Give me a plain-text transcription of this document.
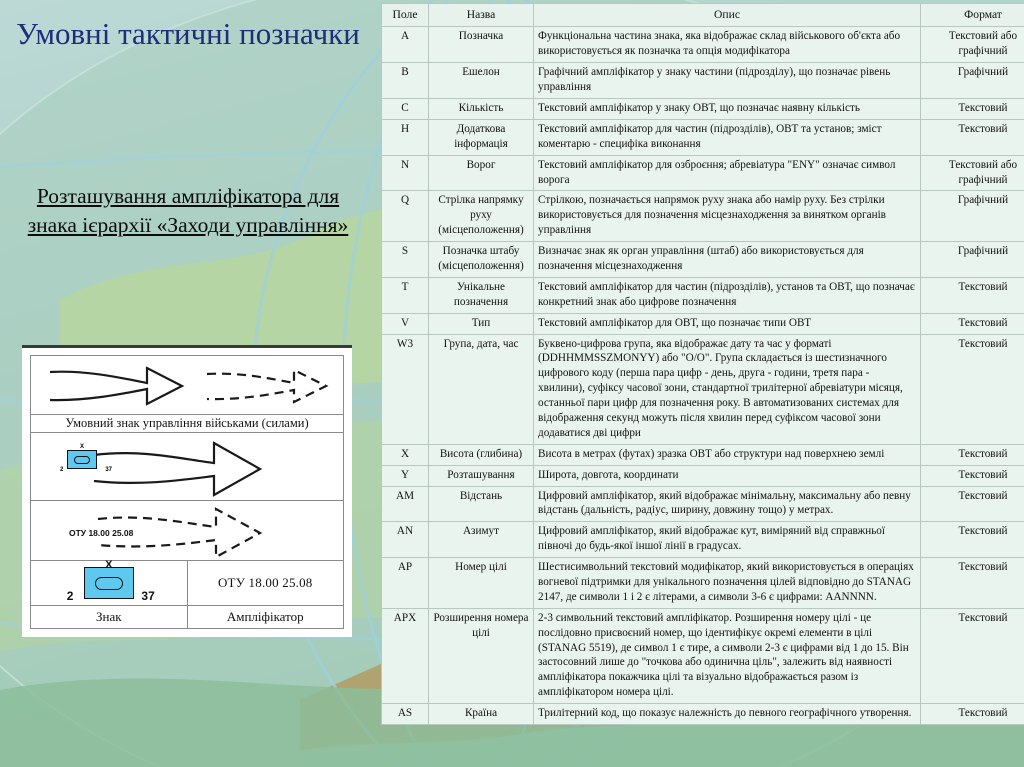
Умовні тактичні позначки
Розташування ампліфікатора для знака ієрархії «Заходи управління»
Умовний знак управління військами (силами)
X
2	37
ОТУ 18.00 25.08
X
2	37
ОТУ 18.00 25.08
Знак	Ампліфікатор
Поле	Назва	Опис	Формат
A	Позначка	Функціональна частина знака, яка відображає склад військового об'єкта або використовується як позначка та опція модифікатора	Текстовий або графічний
B	Ешелон	Графічний ампліфікатор у знаку частини (підрозділу), що позначає рівень управління	Графічний
C	Кількість	Текстовий ампліфікатор у знаку ОВТ, що позначає наявну кількість	Текстовий
H	Додаткова інформація	Текстовий ампліфікатор для частин (підрозділів), ОВТ та установ; зміст коментарю - специфіка виконання	Текстовий
N	Ворог	Текстовий ампліфікатор для озброєння; абревіатура "ENY" означає символ ворога	Текстовий або графічний
Q	Стрілка напрямку руху (місцеположення)	Стрілкою, позначається напрямок руху знака або намір руху. Без стрілки використовується для позначення місцезнаходження за винятком органів управління	Графічний
S	Позначка штабу (місцеположення)	Визначає знак як орган управління (штаб) або використовується для позначення місцезнаходження	Графічний
T	Унікальне позначення	Текстовий ампліфікатор для частин (підрозділів), установ та ОВТ, що позначає конкретний знак або цифрове позначення	Текстовий
V	Тип	Текстовий ампліфікатор для ОВТ, що позначає типи ОВТ	Текстовий
W3	Група, дата, час	Буквено-цифрова група, яка відображає дату та час у форматі (DDHHMMSSZMONYY) або "O/O". Група складається із шестизначного цифрового коду (перша пара цифр - день, друга - години, третя пара - хвилини), суфіксу часової зони, стандартної трилітерної абревіатури місяця, останньої пари цифр для позначення року. В автоматизованих системах для відображення секунд можуть після хвилин перед суфіксом часової зони додаватися дві цифри	Текстовий
X	Висота (глибина)	Висота в метрах (футах) зразка ОВТ або структури над поверхнею землі	Текстовий
Y	Розташування	Широта, довгота, координати	Текстовий
AM	Відстань	Цифровий ампліфікатор, який відображає мінімальну, максимальну або певну відстань (дальність, радіус, ширину, довжину тощо) у метрах.	Текстовий
AN	Азимут	Цифровий ампліфікатор, який відображає кут, виміряний від справжньої півночі до будь-якої іншої лінії в градусах.	Текстовий
AP	Номер цілі	Шестисимвольний текстовий модифікатор, який використовується в операціях вогневої підтримки для унікального позначення цілей відповідно до STANAG 2147, де символи 1 і 2 є літерами, а символи 3-6 є цифрами: AANNNN.	Текстовий
APX	Розширення номера цілі	2-3 символьний текстовий ампліфікатор. Розширення номеру цілі - це послідовно присвоєний номер, що ідентифікує окремі елементи в цілі (STANAG 5519), де символ 1 є тире, а символи 2-3 є цифрами від 1 до 15. Він застосовний лише до "точкова або одинична ціль", залежить від наявності ампліфікатора покажчика цілі та візуально відображається разом із ампліфікатором номера цілі.	Текстовий
AS	Країна	Трилітерний код, що показує належність до певного географічного утворення.	Текстовий
